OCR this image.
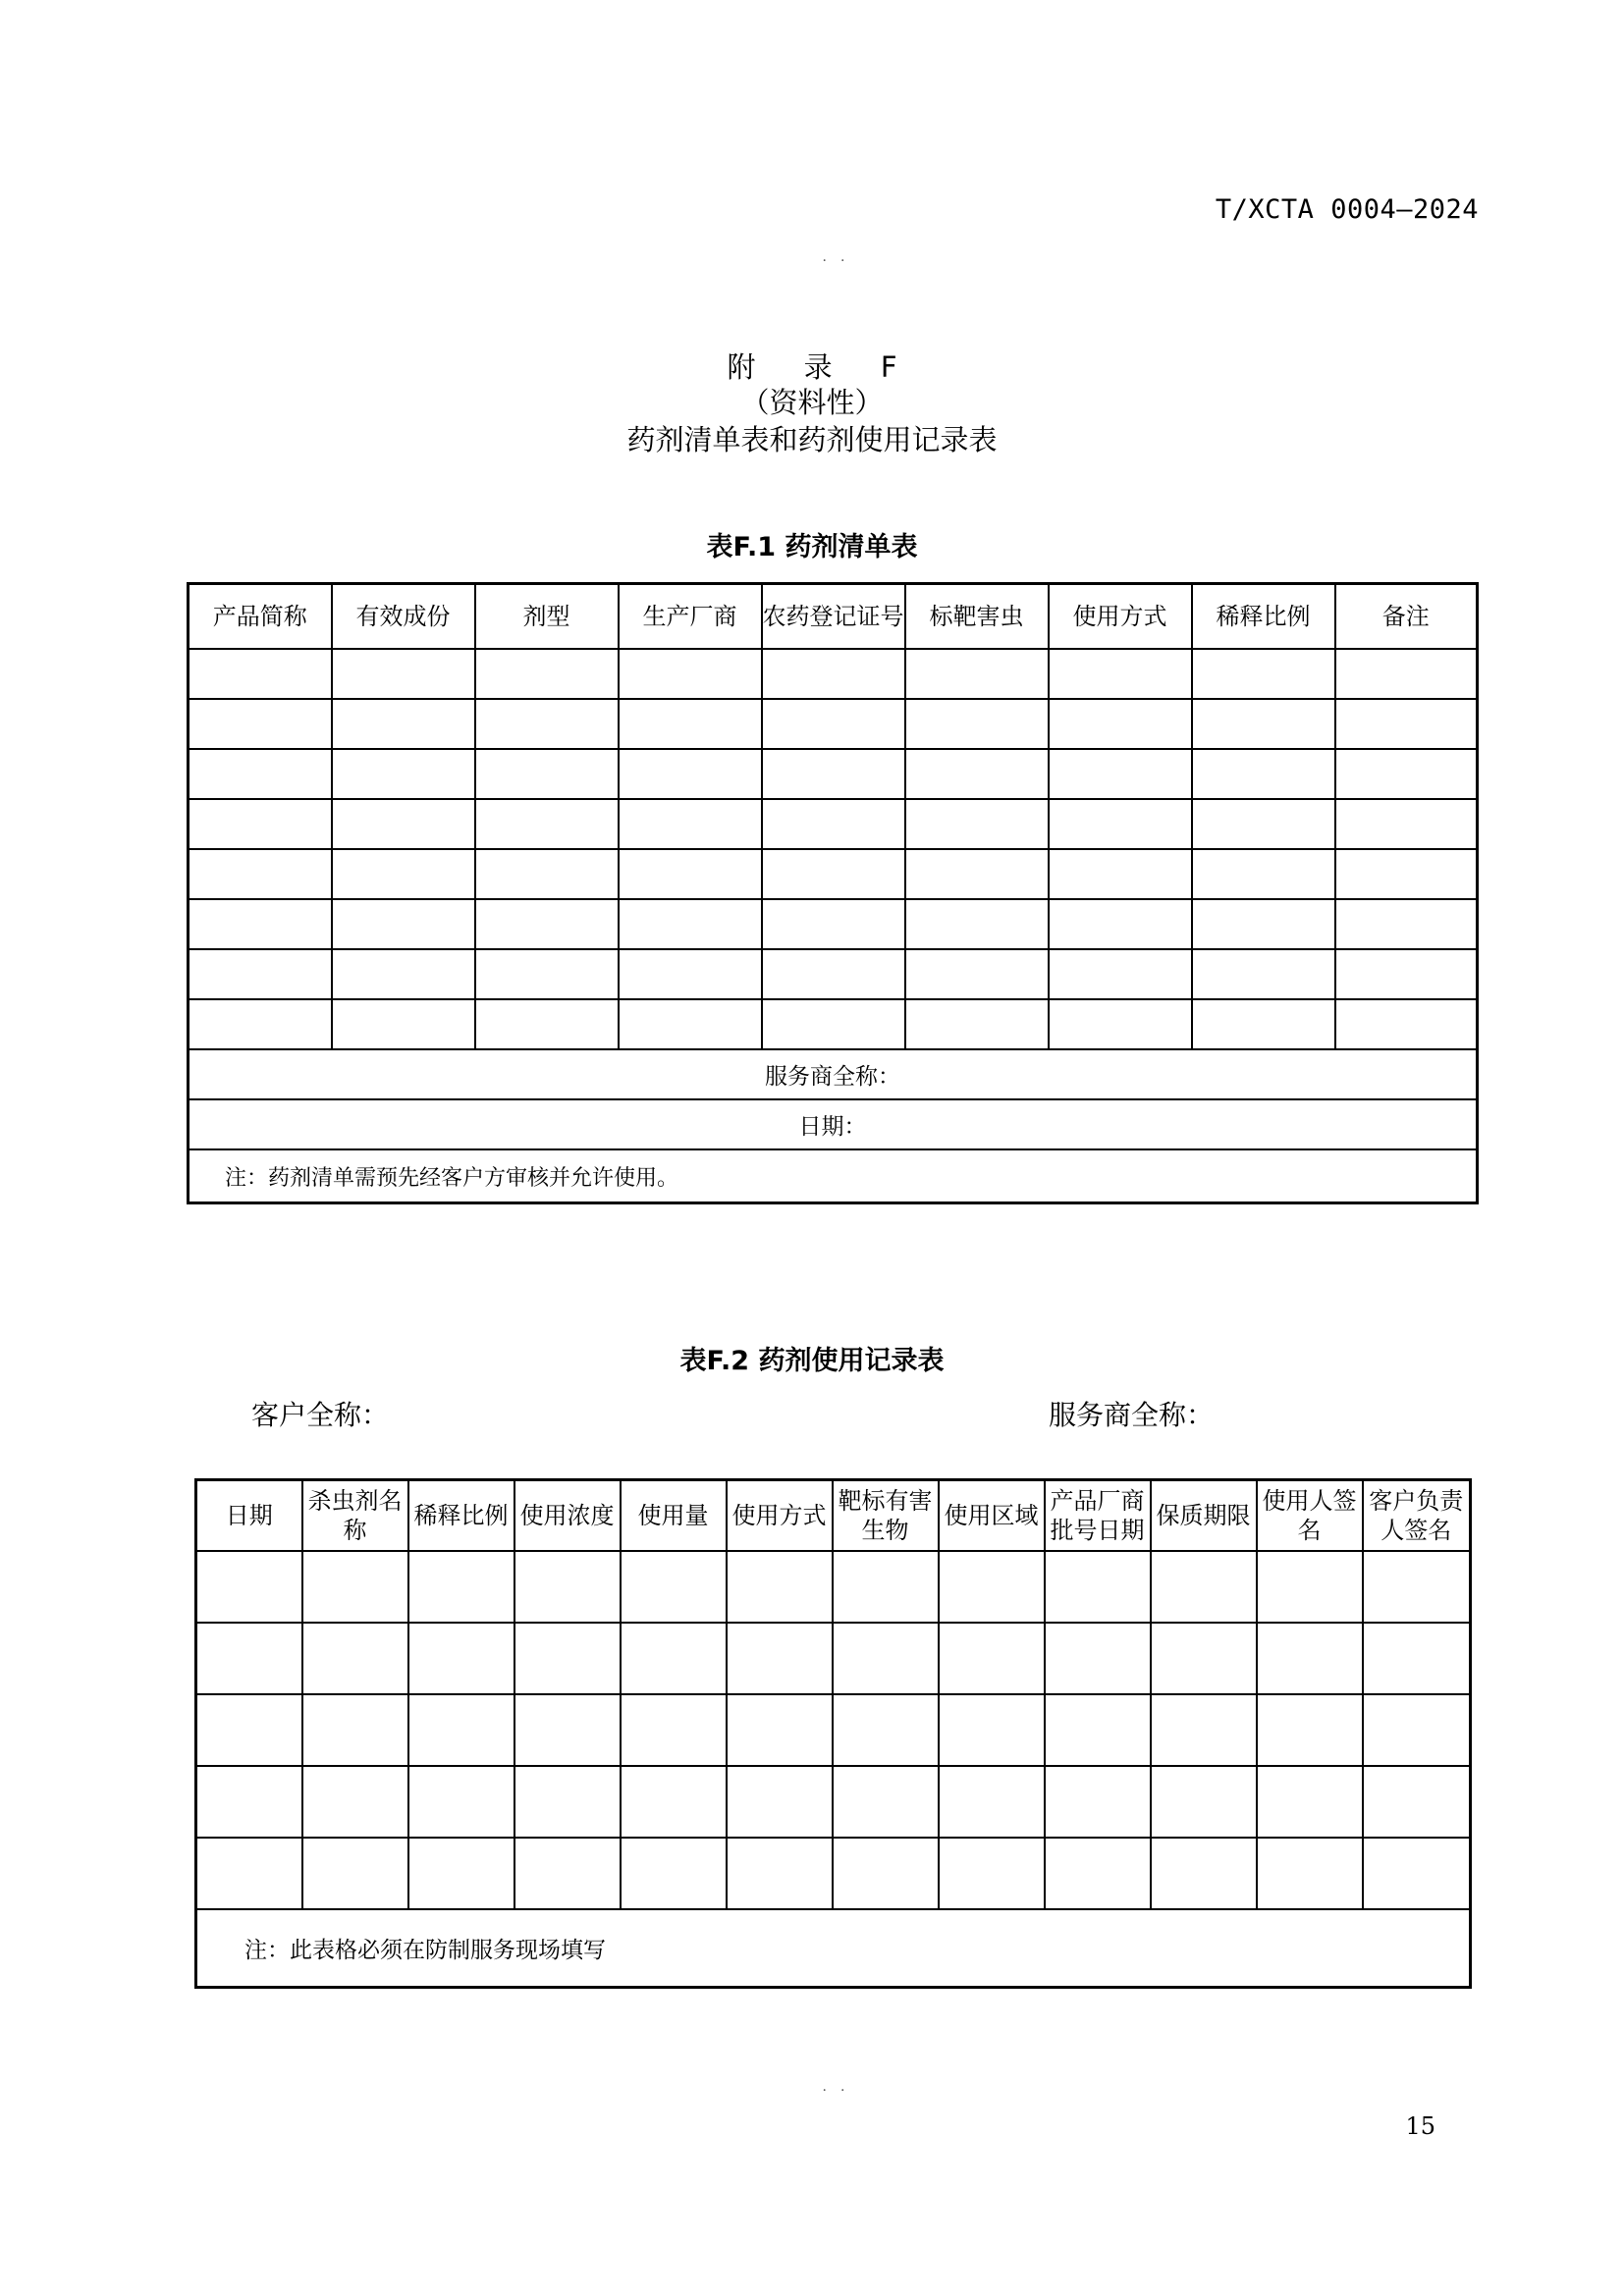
T/XCTA 0004—2024
··
附 录 F
（资料性）
药剂清单表和药剂使用记录表
表F.1 药剂清单表
产品简称	有效成份	剂型	生产厂商	农药登记证号	标靶害虫	使用方式	稀释比例	备注

服务商全称：								
日期：								
注：药剂清单需预先经客户方审核并允许使用。								
客户全称：	服务商全称：
表F.2 药剂使用记录表
日期	杀虫剂名称	稀释比例	使用浓度	使用量	使用方式	靶标有害生物	使用区域	产品厂商批号日期	保质期限	使用人签名	客户负责人签名

注：此表格必须在防制服务现场填写											
··
15
